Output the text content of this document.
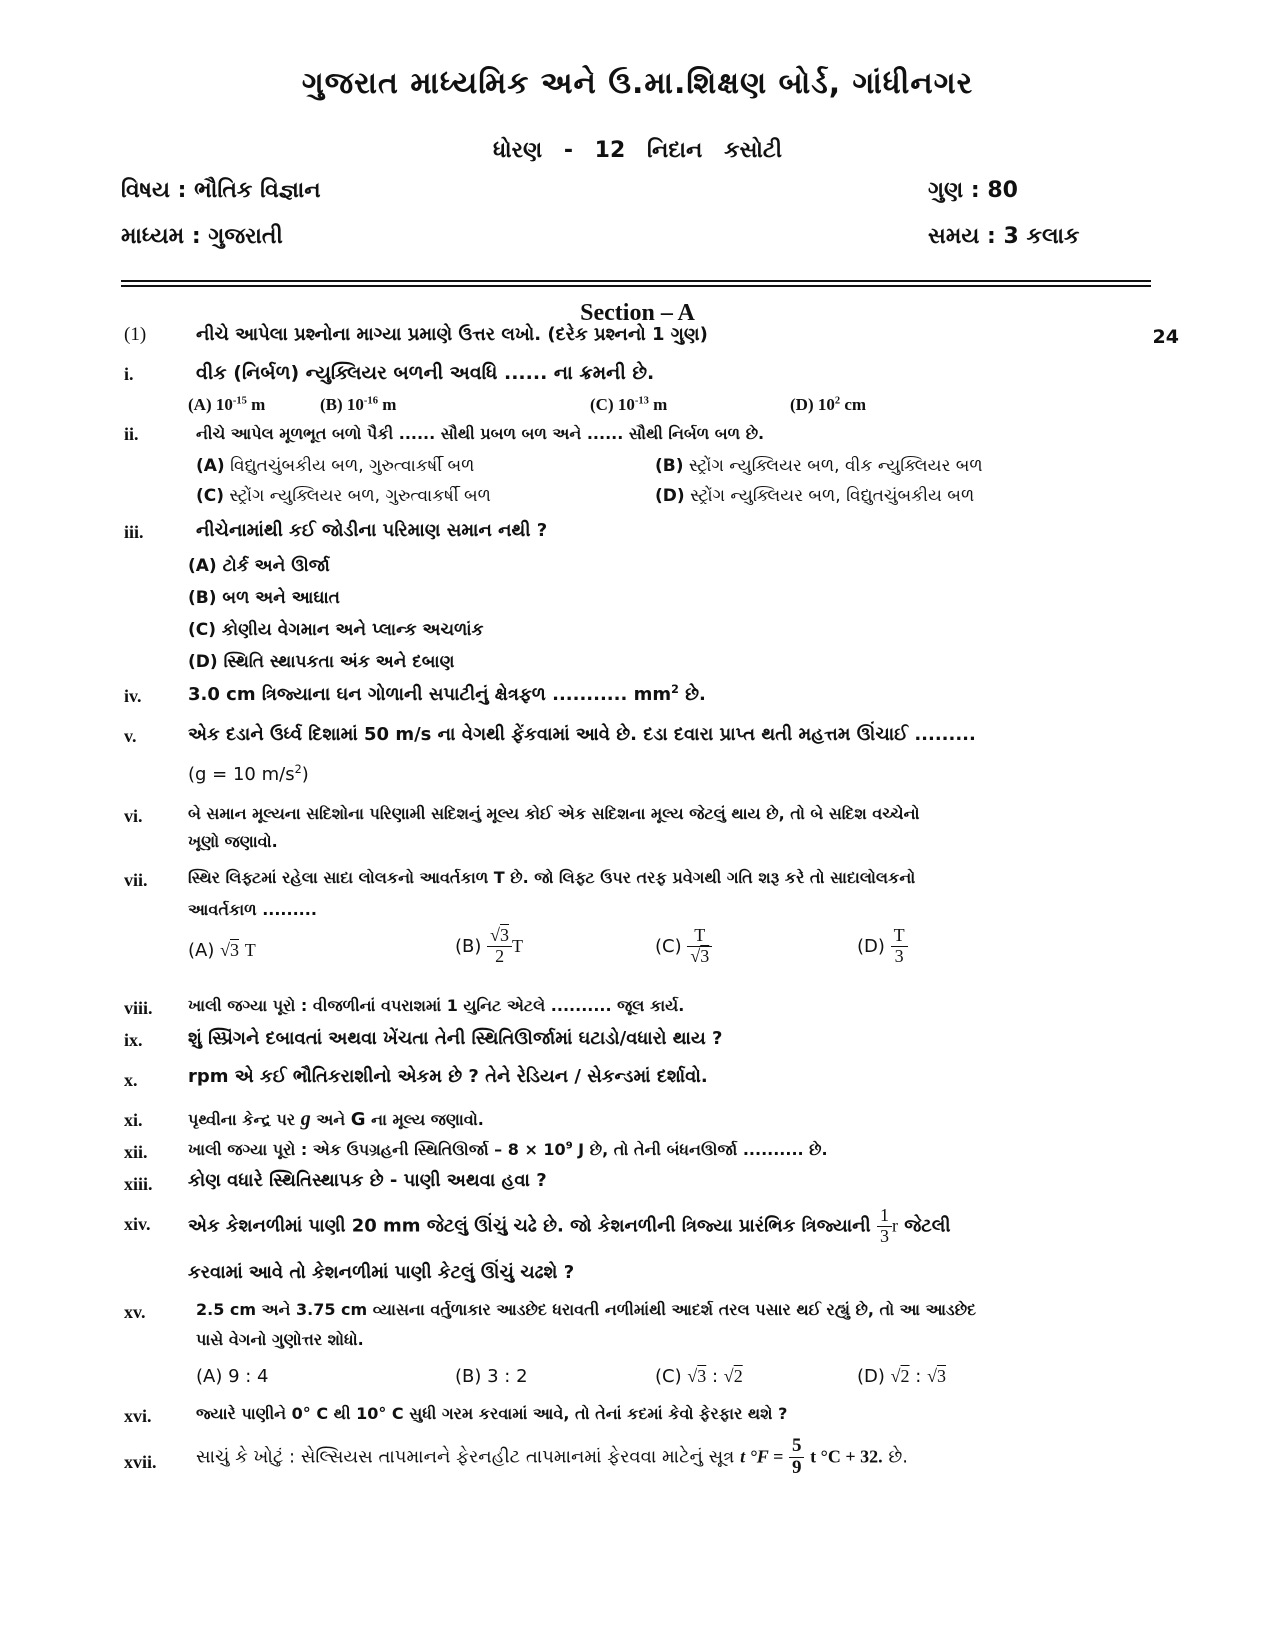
ગુજરાત માધ્યમિક અને ઉ.મા.શિક્ષણ બોર્ડ, ગાંધીનગર
ધોરણ - 12 નિદાન કસોટી
વિષય : ભૌતિક વિજ્ઞાન	ગુણ : 80
માધ્યમ : ગુજરાતી	સમય : 3 કલાક
Section – A
(1)	નીચે આપેલા પ્રશ્નોના માગ્યા પ્રમાણે ઉત્તર લખો. (દરેક પ્રશ્નનો 1 ગુણ)	24
i.	વીક (નિર્બળ) ન્યુક્લિયર બળની અવધિ ...... ના ક્રમની છે.
(A) $10^{-15}$ m	(B) $10^{-16}$ m	(C) $10^{-13}$ m	(D) $10^2$ cm
ii.	નીચે આપેલ મૂળભૂત બળો પૈકી ...... સૌથી પ્રબળ બળ અને ...... સૌથી નિર્બળ બળ છે.
(A) વિદ્યુતચુંબકીય બળ, ગુરુત્વાકર્ષી બળ	(B) સ્ટ્રોંગ ન્યુક્લિયર બળ, વીક ન્યુક્લિયર બળ
(C) સ્ટ્રોંગ ન્યુક્લિયર બળ, ગુરુત્વાકર્ષી બળ	(D) સ્ટ્રોંગ ન્યુક્લિયર બળ, વિદ્યુતચુંબકીય બળ
iii.	નીચેનામાંથી કઈ જોડીના પરિમાણ સમાન નથી ?
(A) ટોર્ક અને ઊર્જા
(B) બળ અને આઘાત
(C) કોણીય વેગમાન અને પ્લાન્ક અચળાંક
(D) સ્થિતિ સ્થાપકતા અંક અને દબાણ
iv.	3.0 cm ત્રિજ્યાના ઘન ગોળાની સપાટીનું ક્ષેત્રફળ ........... $mm^2$ છે.
v.	એક દડાને ઉર્ધ્વ દિશામાં 50 m/s ના વેગથી ફેંકવામાં આવે છે. દડા દવારા પ્રાપ્ત થતી મહત્તમ ઊંચાઈ .........
(g = 10 $m/s^2$)
vi.	બે સમાન મૂલ્યના સદિશોના પરિણામી સદિશનું મૂલ્ય કોઈ એક સદિશના મૂલ્ય જેટલું થાય છે, તો બે સદિશ વચ્ચેનો
ખૂણો જણાવો.
vii.	સ્થિર લિફ્ટમાં રહેલા સાદા લોલકનો આવર્તકાળ T છે. જો લિફ્ટ ઉપર તરફ પ્રવેગથી ગતિ શરૂ કરે તો સાદાલોલકનો
આવર્તકાળ .........
(A) √3 T	$(B) \frac{√3}{2}$ T	$(C) \frac{T}{√3}$	$(D) \frac{T}{3}$
viii. ખાલી જગ્યા પૂરો : વીજળીનાં વપરાશમાં 1 યુનિટ એટલે .......... જૂલ કાર્ય.
ix.	શું સ્પ્રિંગને દબાવતાં અથવા ખેંચતા તેની સ્થિતિઊર્જામાં ઘટાડો/વધારો થાય ?
x.	rpm એ કઈ ભૌતિકરાશીનો એકમ છે ? તેને રેડિયન / સેકન્ડમાં દર્શાવો.
xi.	પૃથ્વીના કેન્દ્ર પર g અને G ના મૂલ્ય જણાવો.
xii.	ખાલી જગ્યા પૂરો : એક ઉપગ્રહની સ્થિતિઊર્જા – $8 \times 10^9$ J છે, તો તેની બંધનઊર્જા .......... છે.
xiii. કોણ વધારે સ્થિતિસ્થાપક છે - પાણી અથવા હવા ?
xiv. એક કેશનળીમાં પાણી 20 mm જેટલું ઊંચું ચઢે છે. જો કેશનળીની ત્રિજ્યા પ્રારંભિક ત્રિજ્યાની $\frac{1}{3}$ r જેટલી
કરવામાં આવે તો કેશનળીમાં પાણી કેટલું ઊંચું ચઢશે ?
xv.	2.5 cm અને 3.75 cm વ્યાસના વર્તુળાકાર આડછેદ ધરાવતી નળીમાંથી આદર્શ તરલ પસાર થઈ રહ્યું છે, તો આ આડછેદ
પાસે વેગનો ગુણોત્તર શોધો.
(A) 9 : 4	(B) 3 : 2	(C) √3 : √2	(D) √2 : √3
xvi.	જ્યારે પાણીને 0° C થી 10° C સુધી ગરમ કરવામાં આવે, તો તેનાં કદમાં કેવો ફેરફાર થશે ?
xvii. સાચું કે ખોટું : સેલ્સિયસ તાપમાનને ફેરનહીટ તાપમાનમાં ફેરવવા માટેનું સૂત્ર t $^\circ F = \frac{5}{9}$ t °C + 32. છે.
